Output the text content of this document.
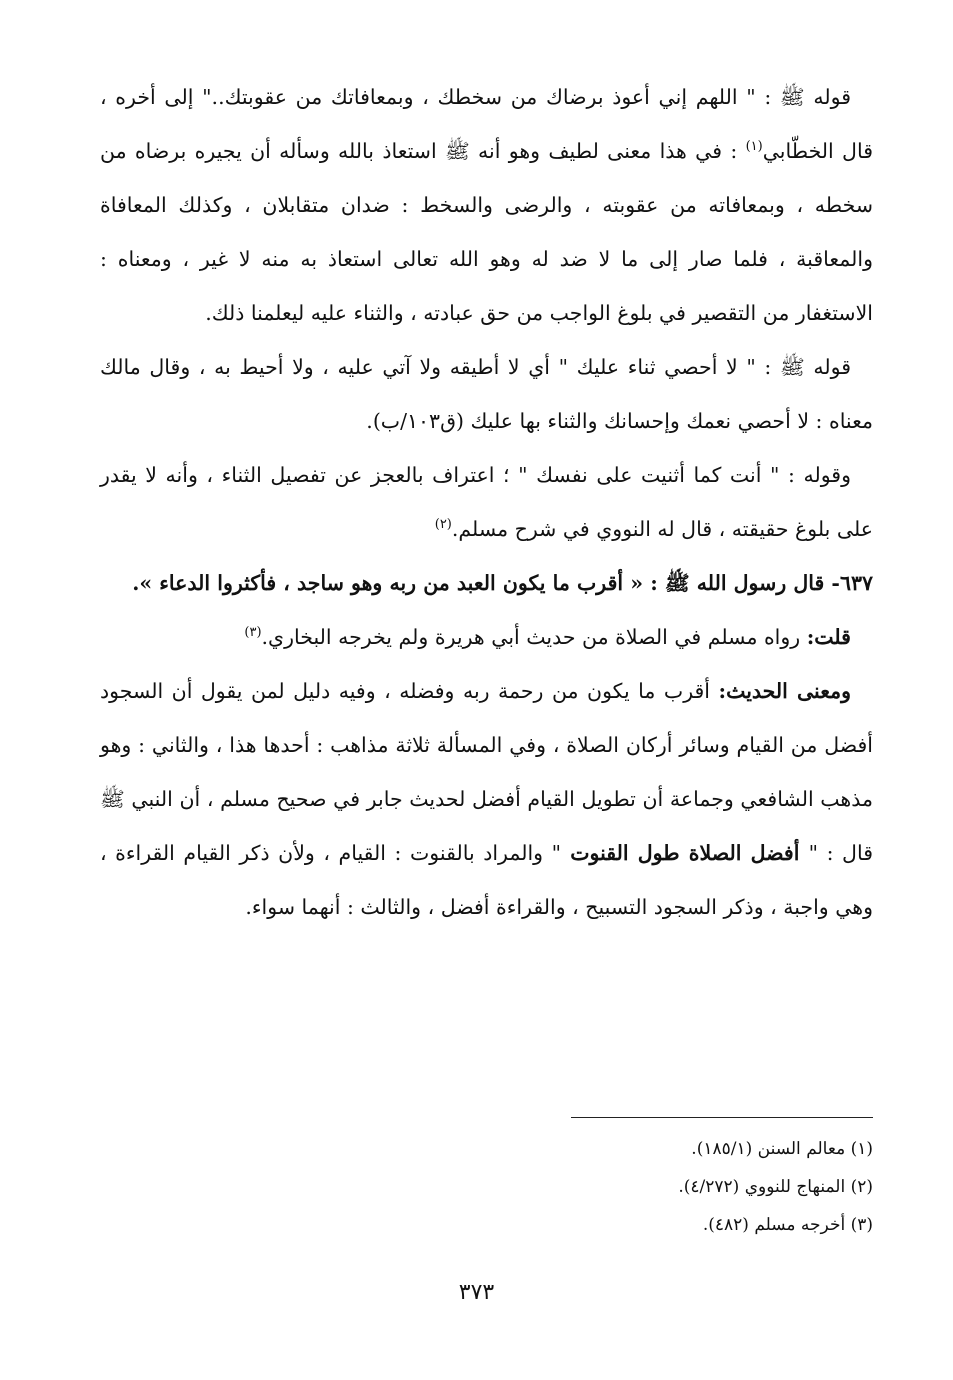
قوله ﷺ : " اللهم إني أعوذ برضاك من سخطك ، وبمعافاتك من عقوبتك.." إلى أخره ، قال الخطّابي$^{(١)}$ : في هذا معنى لطيف وهو أنه ﷺ استعاذ بالله وسأله أن يجيره برضاه من سخطه ، وبمعافاته من عقوبته ، والرضى والسخط : ضدان متقابلان ، وكذلك المعافاة والمعاقبة ، فلما صار إلى ما لا ضد له وهو الله تعالى استعاذ به منه لا غير ، ومعناه : الاستغفار من التقصير في بلوغ الواجب من حق عبادته ، والثناء عليه ليعلمنا ذلك.

قوله ﷺ : " لا أحصي ثناء عليك " أي لا أطيقه ولا آتي عليه ، ولا أحيط به ، وقال مالك معناه : لا أحصي نعمك وإحسانك والثناء بها عليك (ق١٠٣/ب).

وقوله : " أنت كما أثنيت على نفسك " ؛ اعتراف بالعجز عن تفصيل الثناء ، وأنه لا يقدر على بلوغ حقيقته ، قال له النووي في شرح مسلم.$^{(٢)}$

٦٣٧- قال رسول الله ﷺ : « أقرب ما يكون العبد من ربه وهو ساجد ، فأكثروا الدعاء ».

قلت: رواه مسلم في الصلاة من حديث أبي هريرة ولم يخرجه البخاري.$^{(٣)}$

ومعنى الحديث: أقرب ما يكون من رحمة ربه وفضله ، وفيه دليل لمن يقول أن السجود أفضل من القيام وسائر أركان الصلاة ، وفي المسألة ثلاثة مذاهب : أحدها هذا ، والثاني : وهو مذهب الشافعي وجماعة أن تطويل القيام أفضل لحديث جابر في صحيح مسلم ، أن النبي ﷺ قال : " أفضل الصلاة طول القنوت " والمراد بالقنوت : القيام ، ولأن ذكر القيام القراءة ، وهي واجبة ، وذكر السجود التسبيح ، والقراءة أفضل ، والثالث : أنهما سواء.

(١) معالم السنن (١٨٥/١).

(٢) المنهاج للنووي (٤/٢٧٢).

(٣) أخرجه مسلم (٤٨٢).

٣٧٣
